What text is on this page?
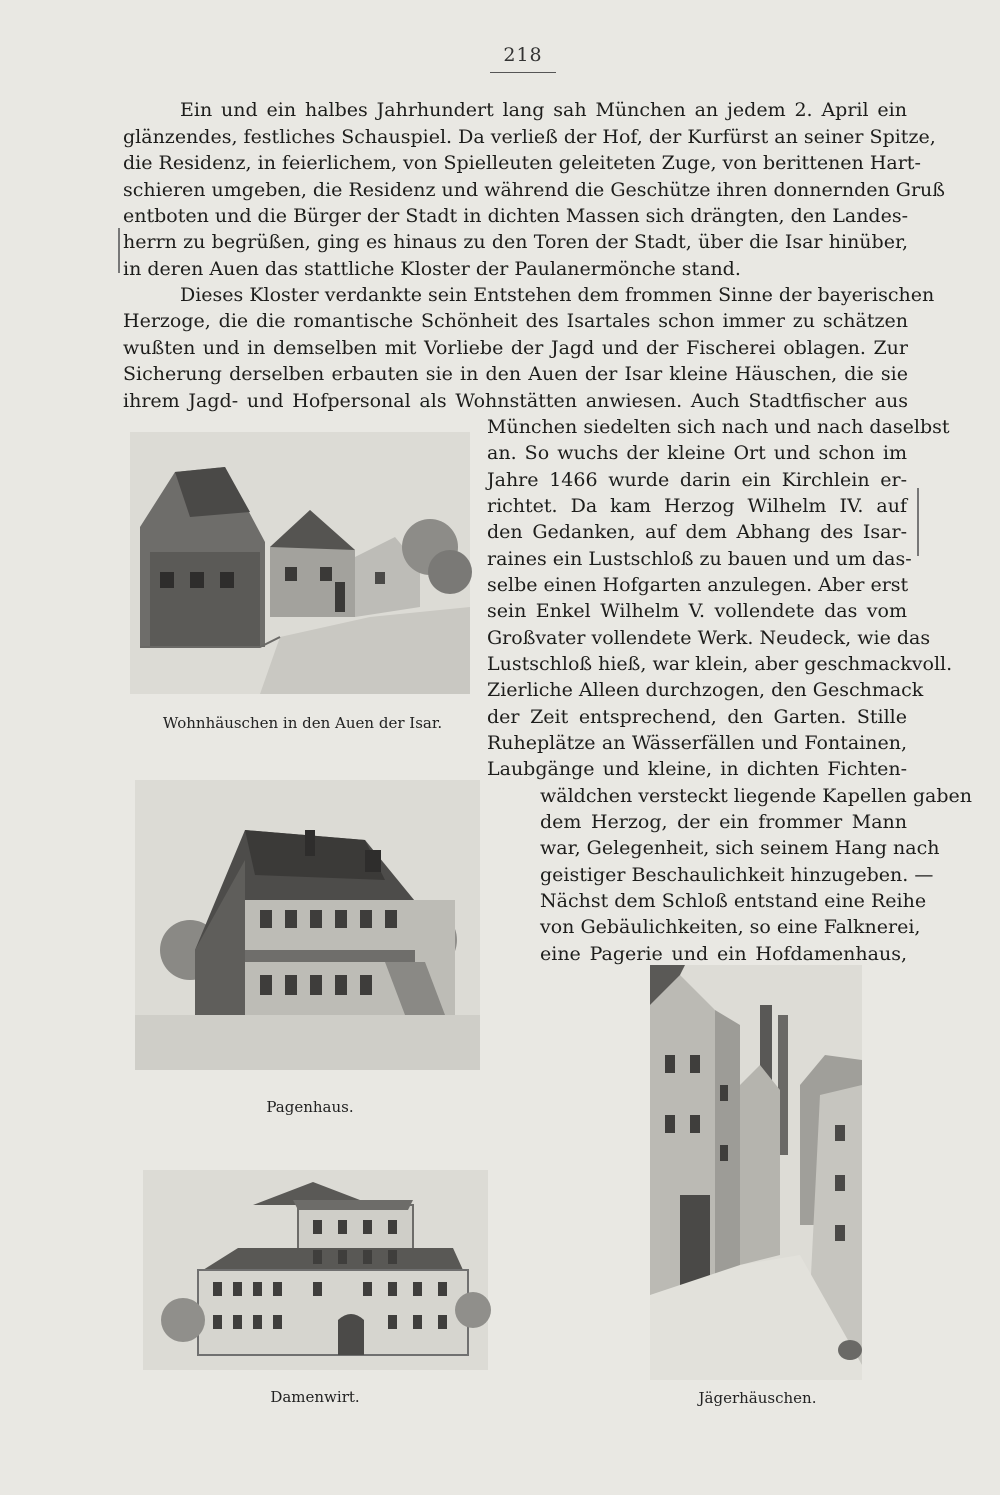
218

Ein und ein halbes Jahrhundert lang sah München an jedem 2. April ein

glänzendes, festliches Schauspiel. Da verließ der Hof, der Kurfürst an seiner Spitze,

die Residenz, in feierlichem, von Spielleuten geleiteten Zuge, von berittenen Hart-

schieren umgeben, die Residenz und während die Geschütze ihren donnernden Gruß

entboten und die Bürger der Stadt in dichten Massen sich drängten, den Landes-

herrn zu begrüßen, ging es hinaus zu den Toren der Stadt, über die Isar hinüber,

in deren Auen das stattliche Kloster der Paulanermönche stand.

Dieses Kloster verdankte sein Entstehen dem frommen Sinne der bayerischen

Herzoge, die die romantische Schönheit des Isartales schon immer zu schätzen

wußten und in demselben mit Vorliebe der Jagd und der Fischerei oblagen. Zur

Sicherung derselben erbauten sie in den Auen der Isar kleine Häuschen, die sie

ihrem Jagd- und Hofpersonal als Wohnstätten anwiesen. Auch Stadtfischer aus

München siedelten sich nach und nach daselbst

an. So wuchs der kleine Ort und schon im

Jahre 1466 wurde darin ein Kirchlein er-

richtet. Da kam Herzog Wilhelm IV. auf

den Gedanken, auf dem Abhang des Isar-

raines ein Lustschloß zu bauen und um das-

selbe einen Hofgarten anzulegen. Aber erst

sein Enkel Wilhelm V. vollendete das vom

Großvater vollendete Werk. Neudeck, wie das

Lustschloß hieß, war klein, aber geschmackvoll.

Zierliche Alleen durchzogen, den Geschmack

der Zeit entsprechend, den Garten. Stille

Ruheplätze an Wässerfällen und Fontainen,

Laubgänge und kleine, in dichten Fichten-

wäldchen versteckt liegende Kapellen gaben

dem Herzog, der ein frommer Mann

war, Gelegenheit, sich seinem Hang nach

geistiger Beschaulichkeit hinzugeben. —

Nächst dem Schloß entstand eine Reihe

von Gebäulichkeiten, so eine Falknerei,

eine Pagerie und ein Hofdamenhaus,

Wohnhäuschen in den Auen der Isar.
Pagenhaus.
Damenwirt.	Jägerhäuschen.
